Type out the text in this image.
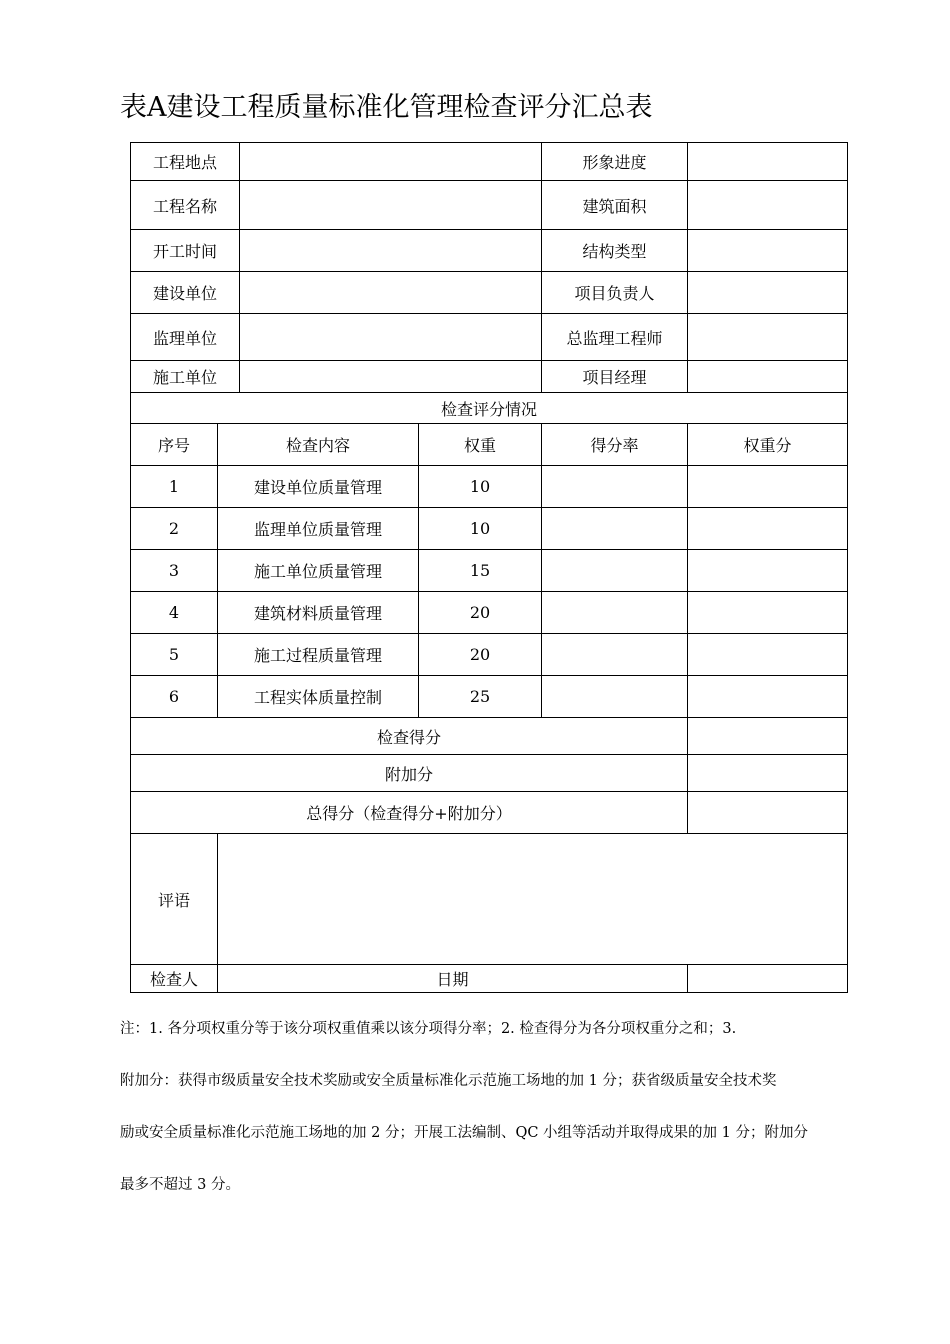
表A建设工程质量标准化管理检查评分汇总表
工程地点				形象进度	
工程名称				建筑面积	
开工时间				结构类型	
建设单位				项目负责人	
监理单位				总监理工程师	
施工单位				项目经理	
检查评分情况					
序号	检查内容		权重	得分率	权重分
1	建设单位质量管理		10		
2	监理单位质量管理		10		
3	施工单位质量管理		15		
4	建筑材料质量管理		20		
5	施工过程质量管理		20		
6	工程实体质量控制		25		
检查得分					
附加分					
总得分（检查得分+附加分）					
评语					
检查人	日期				

注：1. 各分项权重分等于该分项权重值乘以该分项得分率；2. 检查得分为各分项权重分之和；3.

附加分：获得市级质量安全技术奖励或安全质量标准化示范施工场地的加 1 分；获省级质量安全技术奖

励或安全质量标准化示范施工场地的加 2 分；开展工法编制、QC 小组等活动并取得成果的加 1 分；附加分

最多不超过 3 分。
